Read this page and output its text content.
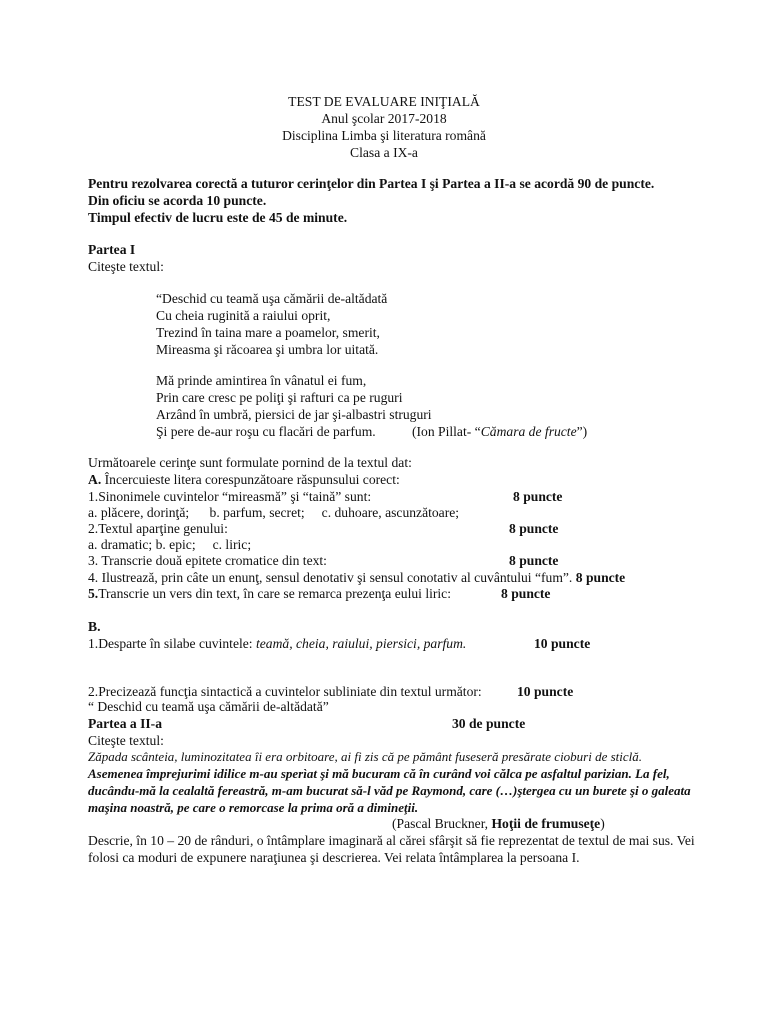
TEST DE EVALUARE INIŢIALĂ
Anul şcolar 2017-2018
Disciplina Limba şi literatura română
Clasa a IX-a
Pentru rezolvarea corectă a tuturor cerinţelor din Partea I şi Partea a II-a se acordă 90 de puncte.
Din oficiu se acorda 10 puncte.
Timpul efectiv de lucru este de 45 de minute.
Partea I
Citeşte textul:
“Deschid cu teamă uşa cămării de-altădată
Cu cheia ruginită a raiului oprit,
Trezind în taina mare a poamelor, smerit,
Mireasma şi răcoarea şi umbra lor uitată.
Mă prinde amintirea în vânatul ei fum,
Prin care cresc pe poliţi şi rafturi ca pe ruguri
Arzând în umbră, piersici de jar şi-albastri struguri
Şi pere de-aur roşu cu flacări de parfum.	(Ion Pillat- “Cămara de fructe”)
Următoarele cerinţe sunt formulate pornind de la textul dat:
A. Încercuieste litera corespunzătoare răspunsului corect:
1.Sinonimele cuvintelor “mireasmă” şi “taină” sunt:	8 puncte
a. plăcere, dorinţă; b. parfum, secret; c. duhoare, ascunzătoare;
2.Textul aparţine genului:	8 puncte
a. dramatic; b. epic; c. liric;
3. Transcrie două epitete cromatice din text:	8 puncte
4. Ilustrează, prin câte un enunţ, sensul denotativ şi sensul conotativ al cuvântului “fum”. 8 puncte
5.Transcrie un vers din text, în care se remarca prezenţa eului liric:	8 puncte
B.
1.Desparte în silabe cuvintele: teamă, cheia, raiului, piersici, parfum.	10 puncte
2.Precizează funcţia sintactică a cuvintelor subliniate din textul următor:	10 puncte
“ Deschid cu teamă uşa cămării de-altădată”
Partea a II-a	30 de puncte
Citeşte textul:
Zăpada scânteia, luminozitatea îi era orbitoare, ai fi zis că pe pământ fuseseră presărate cioburi de sticlă.
Asemenea împrejurimi idilice m-au sperìat şi mă bucuram că în curând voi călca pe asfaltul parizian. La fel,
ducându-mă la cealaltă fereastră, m-am bucurat să-l văd pe Raymond, care (…)ştergea cu un burete şi o galeata
maşina noastră, pe care o remorcase la prima oră a dimineţii.
(Pascal Bruckner, Hoţii de frumuseţe)
Descrie, în 10 – 20 de rânduri, o întâmplare imaginară al cărei sfârşit să fie reprezentat de textul de mai sus. Vei
folosi ca moduri de expunere naraţiunea şi descrierea. Vei relata întâmplarea la persoana I.
